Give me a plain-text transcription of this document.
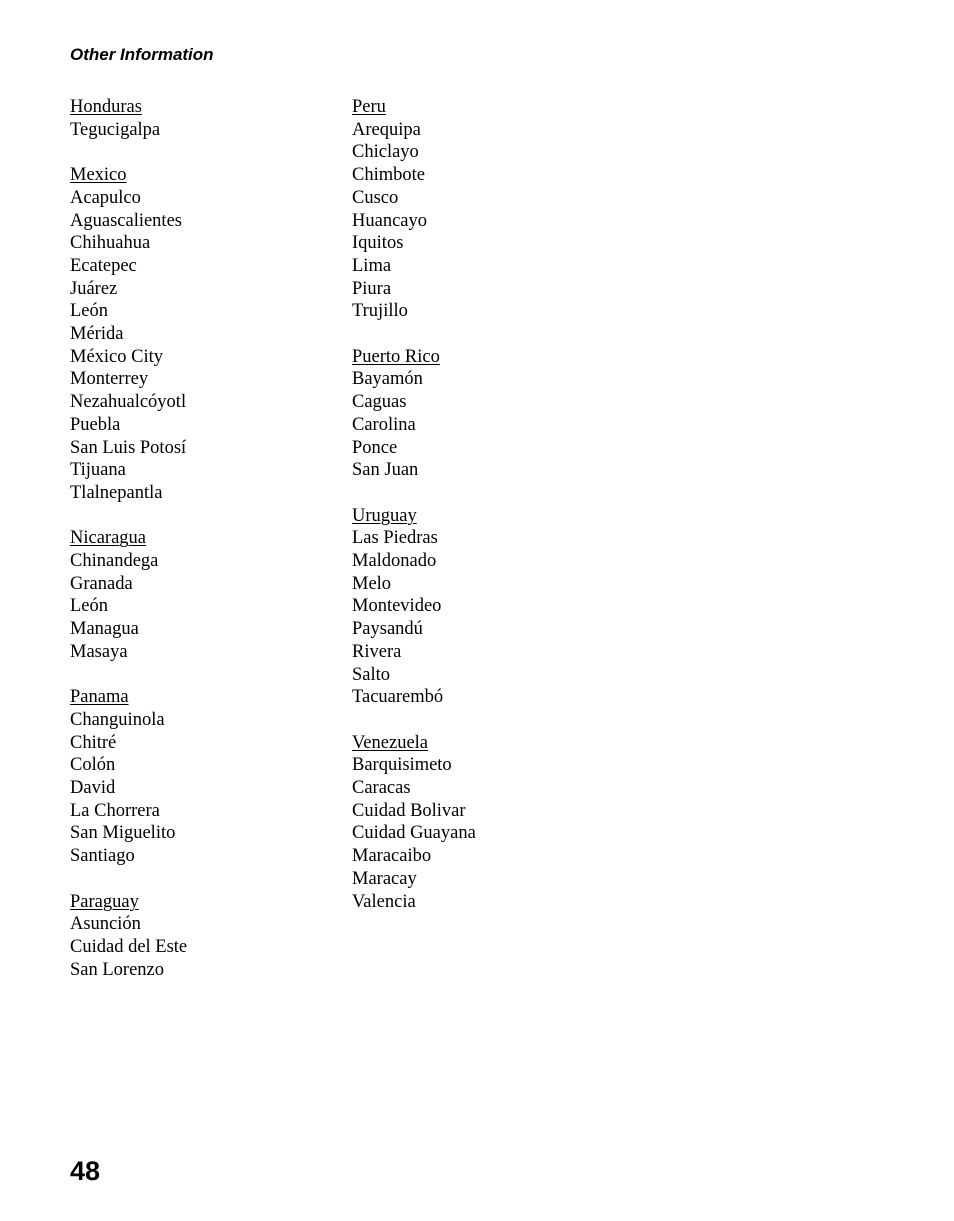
Other Information
Honduras
Tegucigalpa
Mexico
Acapulco
Aguascalientes
Chihuahua
Ecatepec
Juárez
León
Mérida
México City
Monterrey
Nezahualcóyotl
Puebla
San Luis Potosí
Tijuana
Tlalnepantla
Nicaragua
Chinandega
Granada
León
Managua
Masaya
Panama
Changuinola
Chitré
Colón
David
La Chorrera
San Miguelito
Santiago
Paraguay
Asunción
Cuidad del Este
San Lorenzo
Peru
Arequipa
Chiclayo
Chimbote
Cusco
Huancayo
Iquitos
Lima
Piura
Trujillo
Puerto Rico
Bayamón
Caguas
Carolina
Ponce
San Juan
Uruguay
Las Piedras
Maldonado
Melo
Montevideo
Paysandú
Rivera
Salto
Tacuarembó
Venezuela
Barquisimeto
Caracas
Cuidad Bolivar
Cuidad Guayana
Maracaibo
Maracay
Valencia
48
